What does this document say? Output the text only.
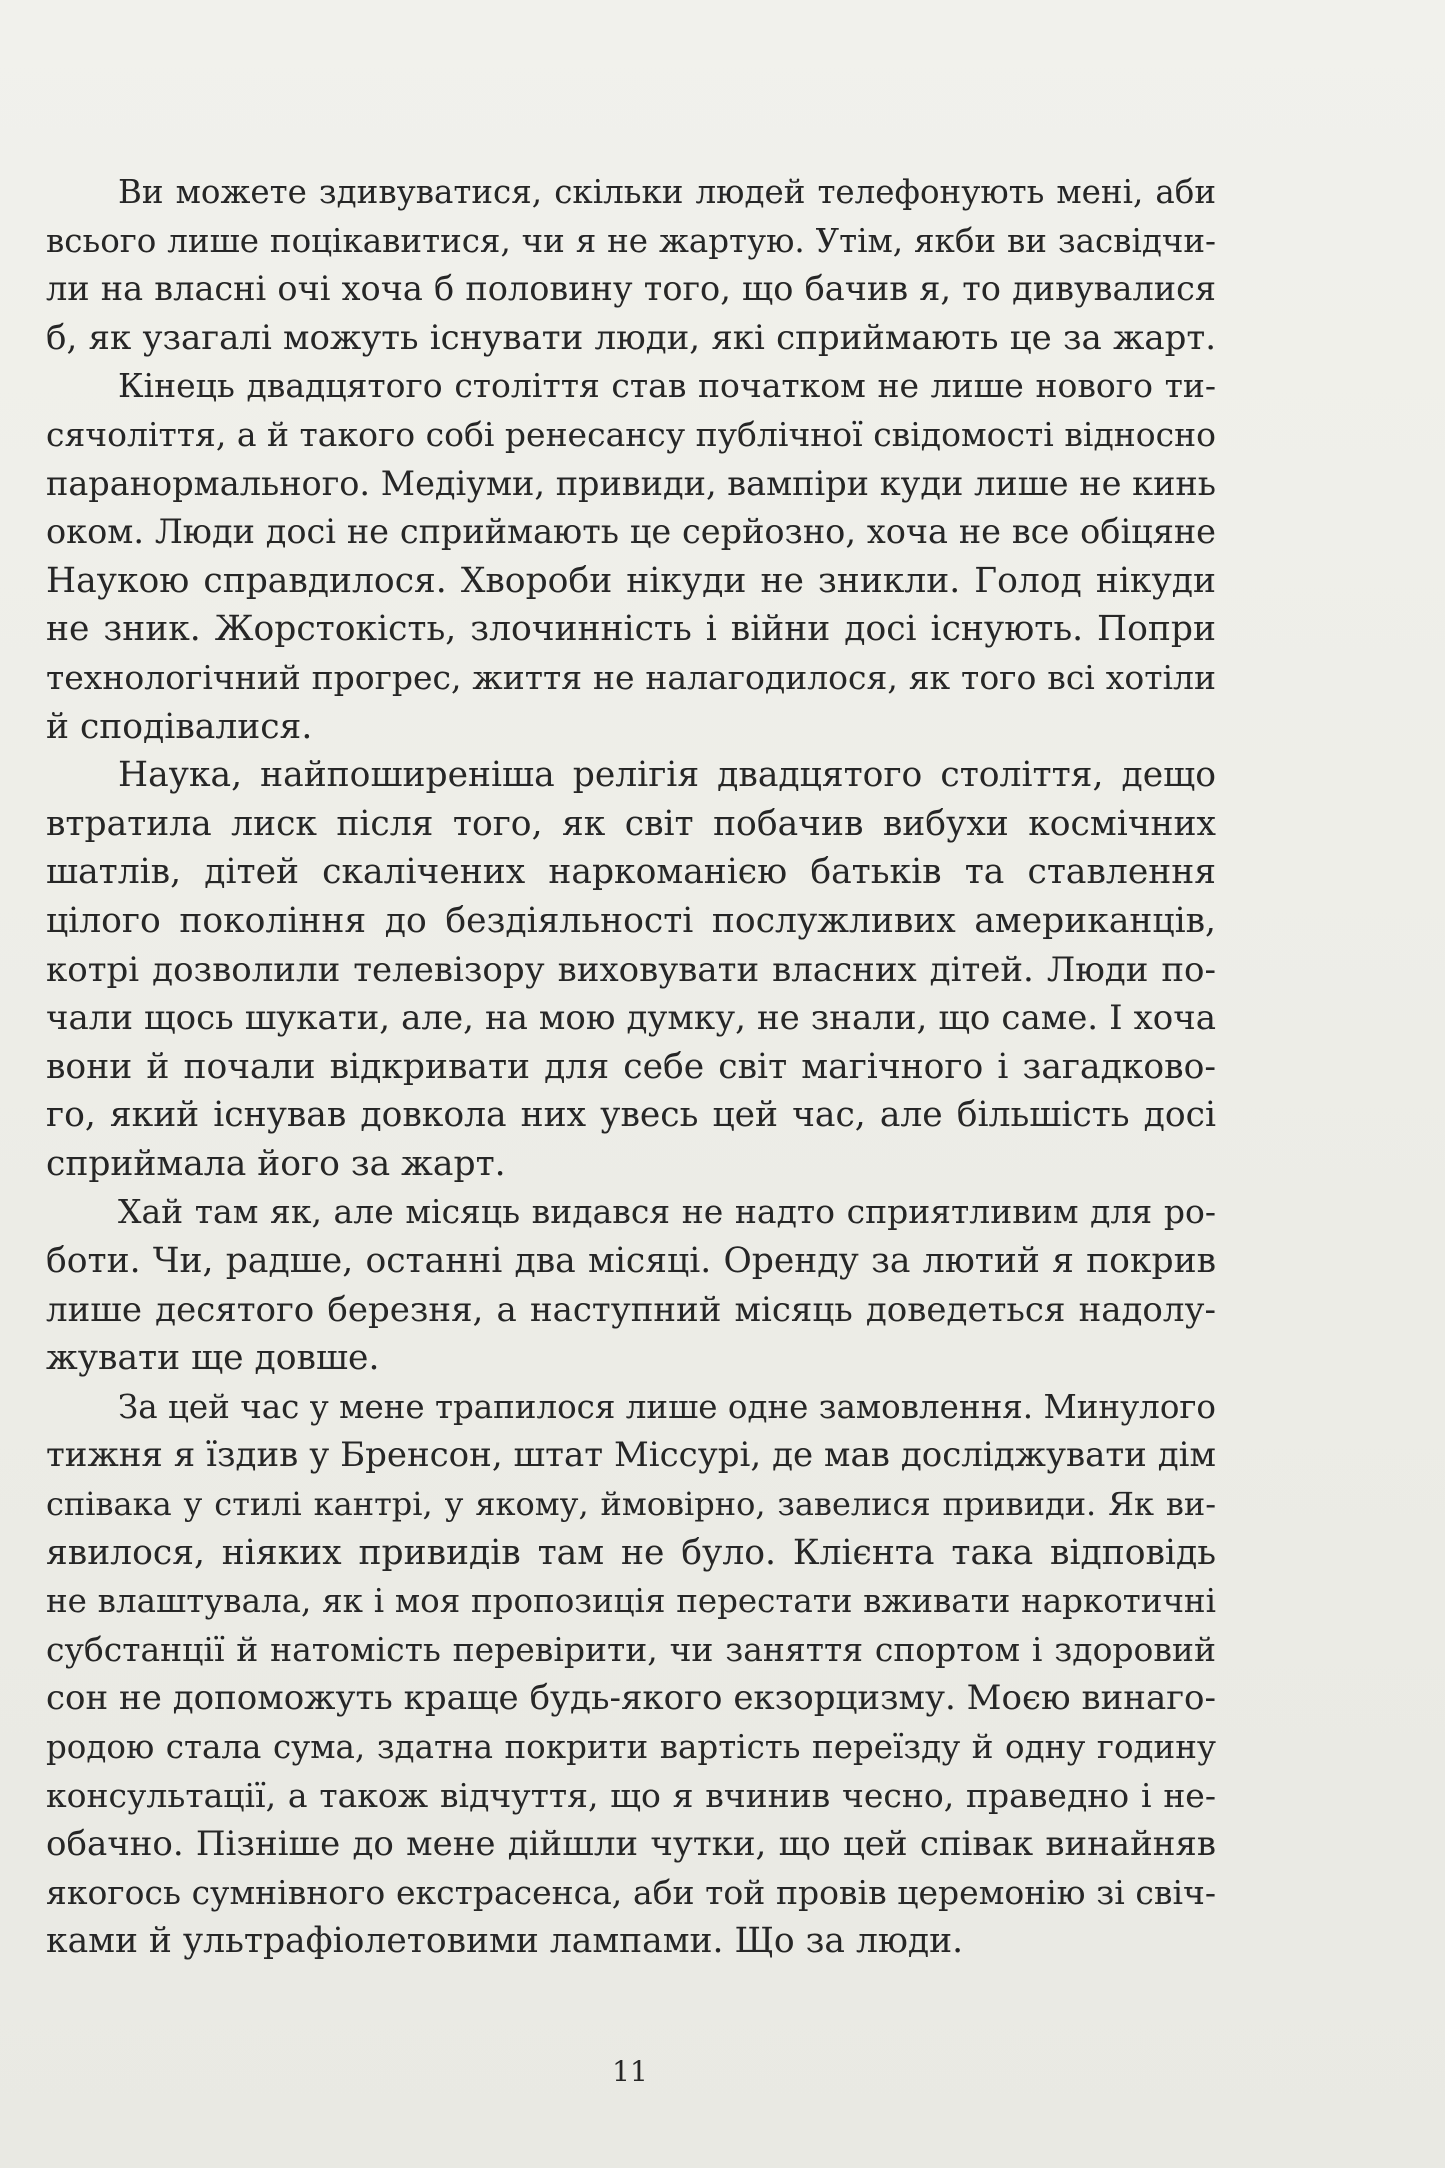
Ви можете здивуватися, скільки людей телефонують мені, аби
всього лише поцікавитися, чи я не жартую. Утім, якби ви засвідчи-
ли на власні очі хоча б половину того, що бачив я, то дивувалися
б, як узагалі можуть існувати люди, які сприймають це за жарт.
Кінець двадцятого століття став початком не лише нового ти-
сячоліття, а й такого собі ренесансу публічної свідомості відносно
паранормального. Медіуми, привиди, вампіри куди лише не кинь
оком. Люди досі не сприймають це серйозно, хоча не все обіцяне
Наукою справдилося. Хвороби нікуди не зникли. Голод нікуди
не зник. Жорстокість, злочинність і війни досі існують. Попри
технологічний прогрес, життя не налагодилося, як того всі хотіли
й сподівалися.
Наука, найпоширеніша релігія двадцятого століття, дещо
втратила лиск після того, як світ побачив вибухи космічних
шатлів, дітей скалічених наркоманією батьків та ставлення
цілого покоління до бездіяльності послужливих американців,
котрі дозволили телевізору виховувати власних дітей. Люди по-
чали щось шукати, але, на мою думку, не знали, що саме. І хоча
вони й почали відкривати для себе світ магічного і загадково-
го, який існував довкола них увесь цей час, але більшість досі
сприймала його за жарт.
Хай там як, але місяць видався не надто сприятливим для ро-
боти. Чи, радше, останні два місяці. Оренду за лютий я покрив
лише десятого березня, а наступний місяць доведеться надолу-
жувати ще довше.
За цей час у мене трапилося лише одне замовлення. Минулого
тижня я їздив у Бренсон, штат Міссурі, де мав досліджувати дім
співака у стилі кантрі, у якому, ймовірно, завелися привиди. Як ви-
явилося, ніяких привидів там не було. Клієнта така відповідь
не влаштувала, як і моя пропозиція перестати вживати наркотичні
субстанції й натомість перевірити, чи заняття спортом і здоровий
сон не допоможуть краще будь-якого екзорцизму. Моєю винаго-
родою стала сума, здатна покрити вартість переїзду й одну годину
консультації, а також відчуття, що я вчинив чесно, праведно і не-
обачно. Пізніше до мене дійшли чутки, що цей співак винайняв
якогось сумнівного екстрасенса, аби той провів церемонію зі свіч-
ками й ультрафіолетовими лампами. Що за люди.
11
